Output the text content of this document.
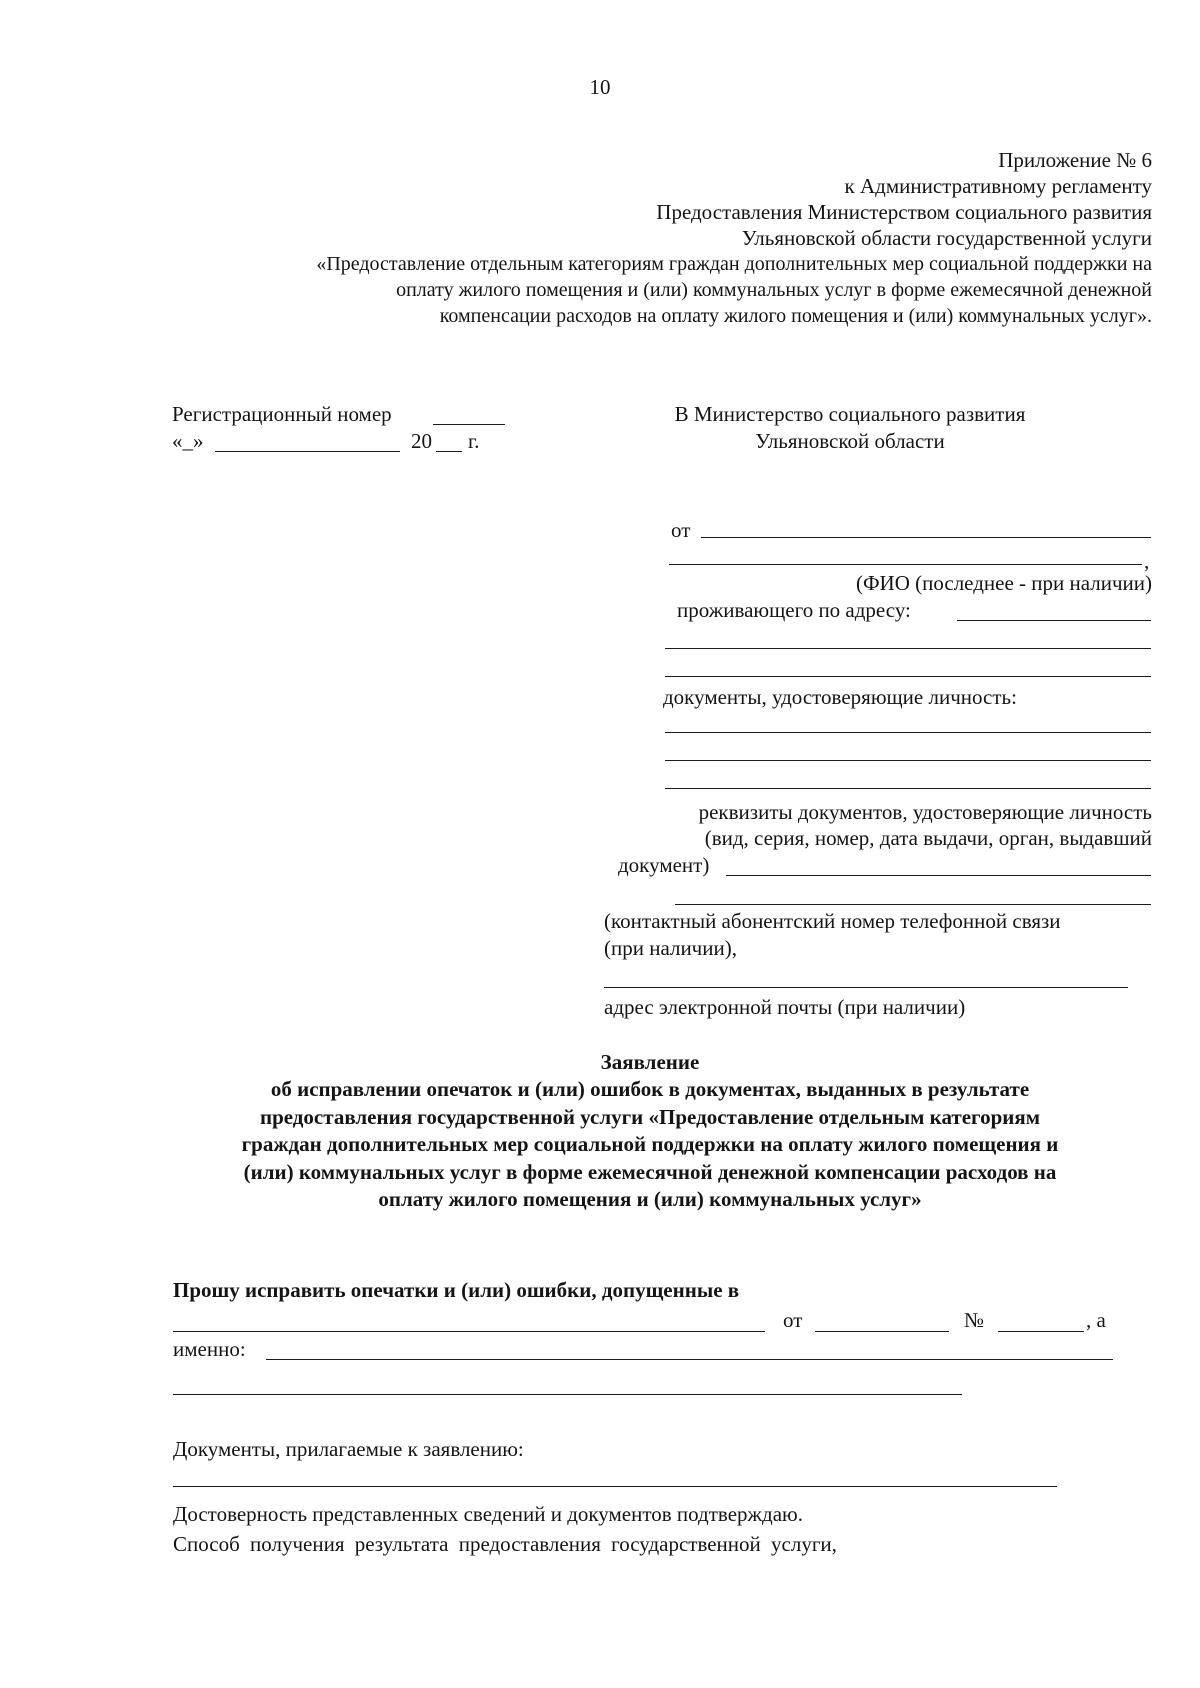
10
Приложение № 6
к Административному регламенту
Предоставления Министерством социального развития
Ульяновской области государственной услуги
«Предоставление отдельным категориям граждан дополнительных мер социальной поддержки на
оплату жилого помещения и (или) коммунальных услуг в форме ежемесячной денежной
компенсации расходов на оплату жилого помещения и (или) коммунальных услуг».
Регистрационный номер
«_»	20 г.
В Министерство социального развития
Ульяновской области
от
,
(ФИО (последнее - при наличии)
проживающего по адресу:
документы, удостоверяющие личность:
реквизиты документов, удостоверяющие личность
(вид, серия, номер, дата выдачи, орган, выдавший
документ)
(контактный абонентский номер телефонной связи
(при наличии),
адрес электронной почты (при наличии)
Заявление
об исправлении опечаток и (или) ошибок в документах, выданных в результате
предоставления государственной услуги «Предоставление отдельным категориям
граждан дополнительных мер социальной поддержки на оплату жилого помещения и
(или) коммунальных услуг в форме ежемесячной денежной компенсации расходов на
оплату жилого помещения и (или) коммунальных услуг»
Прошу исправить опечатки и (или) ошибки, допущенные в
от	№	, а
именно:
Документы, прилагаемые к заявлению:
Достоверность представленных сведений и документов подтверждаю.
Способ получения результата предоставления государственной услуги,
